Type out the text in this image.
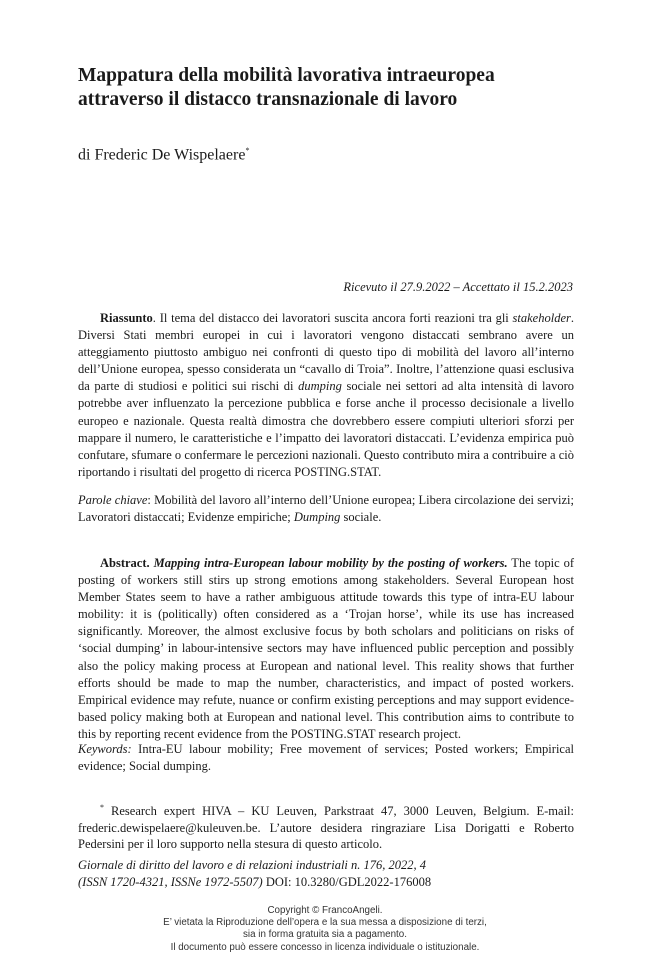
Mappatura della mobilità lavorativa intraeuropea
attraverso il distacco transnazionale di lavoro
di Frederic De Wispelaere*
Ricevuto il 27.9.2022 – Accettato il 15.2.2023
Riassunto. Il tema del distacco dei lavoratori suscita ancora forti reazioni tra gli stakeholder. Diversi Stati membri europei in cui i lavoratori vengono distaccati sembrano avere un atteggiamento piuttosto ambiguo nei confronti di questo tipo di mobilità del lavoro all’interno dell’Unione europea, spesso considerata un “cavallo di Troia”. Inoltre, l’attenzione quasi esclusiva da parte di studiosi e politici sui rischi di dumping sociale nei settori ad alta intensità di lavoro potrebbe aver influenzato la percezione pubblica e forse anche il processo decisionale a livello europeo e nazionale. Questa realtà dimostra che dovrebbero essere compiuti ulteriori sforzi per mappare il numero, le caratteristiche e l’impatto dei lavoratori distaccati. L’evidenza empirica può confutare, sfumare o confermare le percezioni nazionali. Questo contributo mira a contribuire a ciò riportando i risultati del progetto di ricerca POSTING.STAT.
Parole chiave: Mobilità del lavoro all’interno dell’Unione europea; Libera circolazione dei servizi; Lavoratori distaccati; Evidenze empiriche; Dumping sociale.
Abstract. Mapping intra-European labour mobility by the posting of workers. The topic of posting of workers still stirs up strong emotions among stakeholders. Several European host Member States seem to have a rather ambiguous attitude towards this type of intra-EU labour mobility: it is (politically) often considered as a ‘Trojan horse’, while its use has increased significantly. Moreover, the almost exclusive focus by both scholars and politicians on risks of ‘social dumping’ in labour-intensive sectors may have influenced public perception and possibly also the policy making process at European and national level. This reality shows that further efforts should be made to map the number, characteristics, and impact of posted workers. Empirical evidence may refute, nuance or confirm existing perceptions and may support evidence-based policy making both at European and national level. This contribution aims to contribute to this by reporting recent evidence from the POSTING.STAT research project.
Keywords: Intra-EU labour mobility; Free movement of services; Posted workers; Empirical evidence; Social dumping.
* Research expert HIVA – KU Leuven, Parkstraat 47, 3000 Leuven, Belgium. E-mail: frederic.dewispelaere@kuleuven.be. L’autore desidera ringraziare Lisa Dorigatti e Roberto Pedersini per il loro supporto nella stesura di questo articolo.
Giornale di diritto del lavoro e di relazioni industriali n. 176, 2022, 4
(ISSN 1720-4321, ISSNe 1972-5507) DOI: 10.3280/GDL2022-176008
Copyright © FrancoAngeli.
E’ vietata la Riproduzione dell’opera e la sua messa a disposizione di terzi,
sia in forma gratuita sia a pagamento.
Il documento può essere concesso in licenza individuale o istituzionale.
